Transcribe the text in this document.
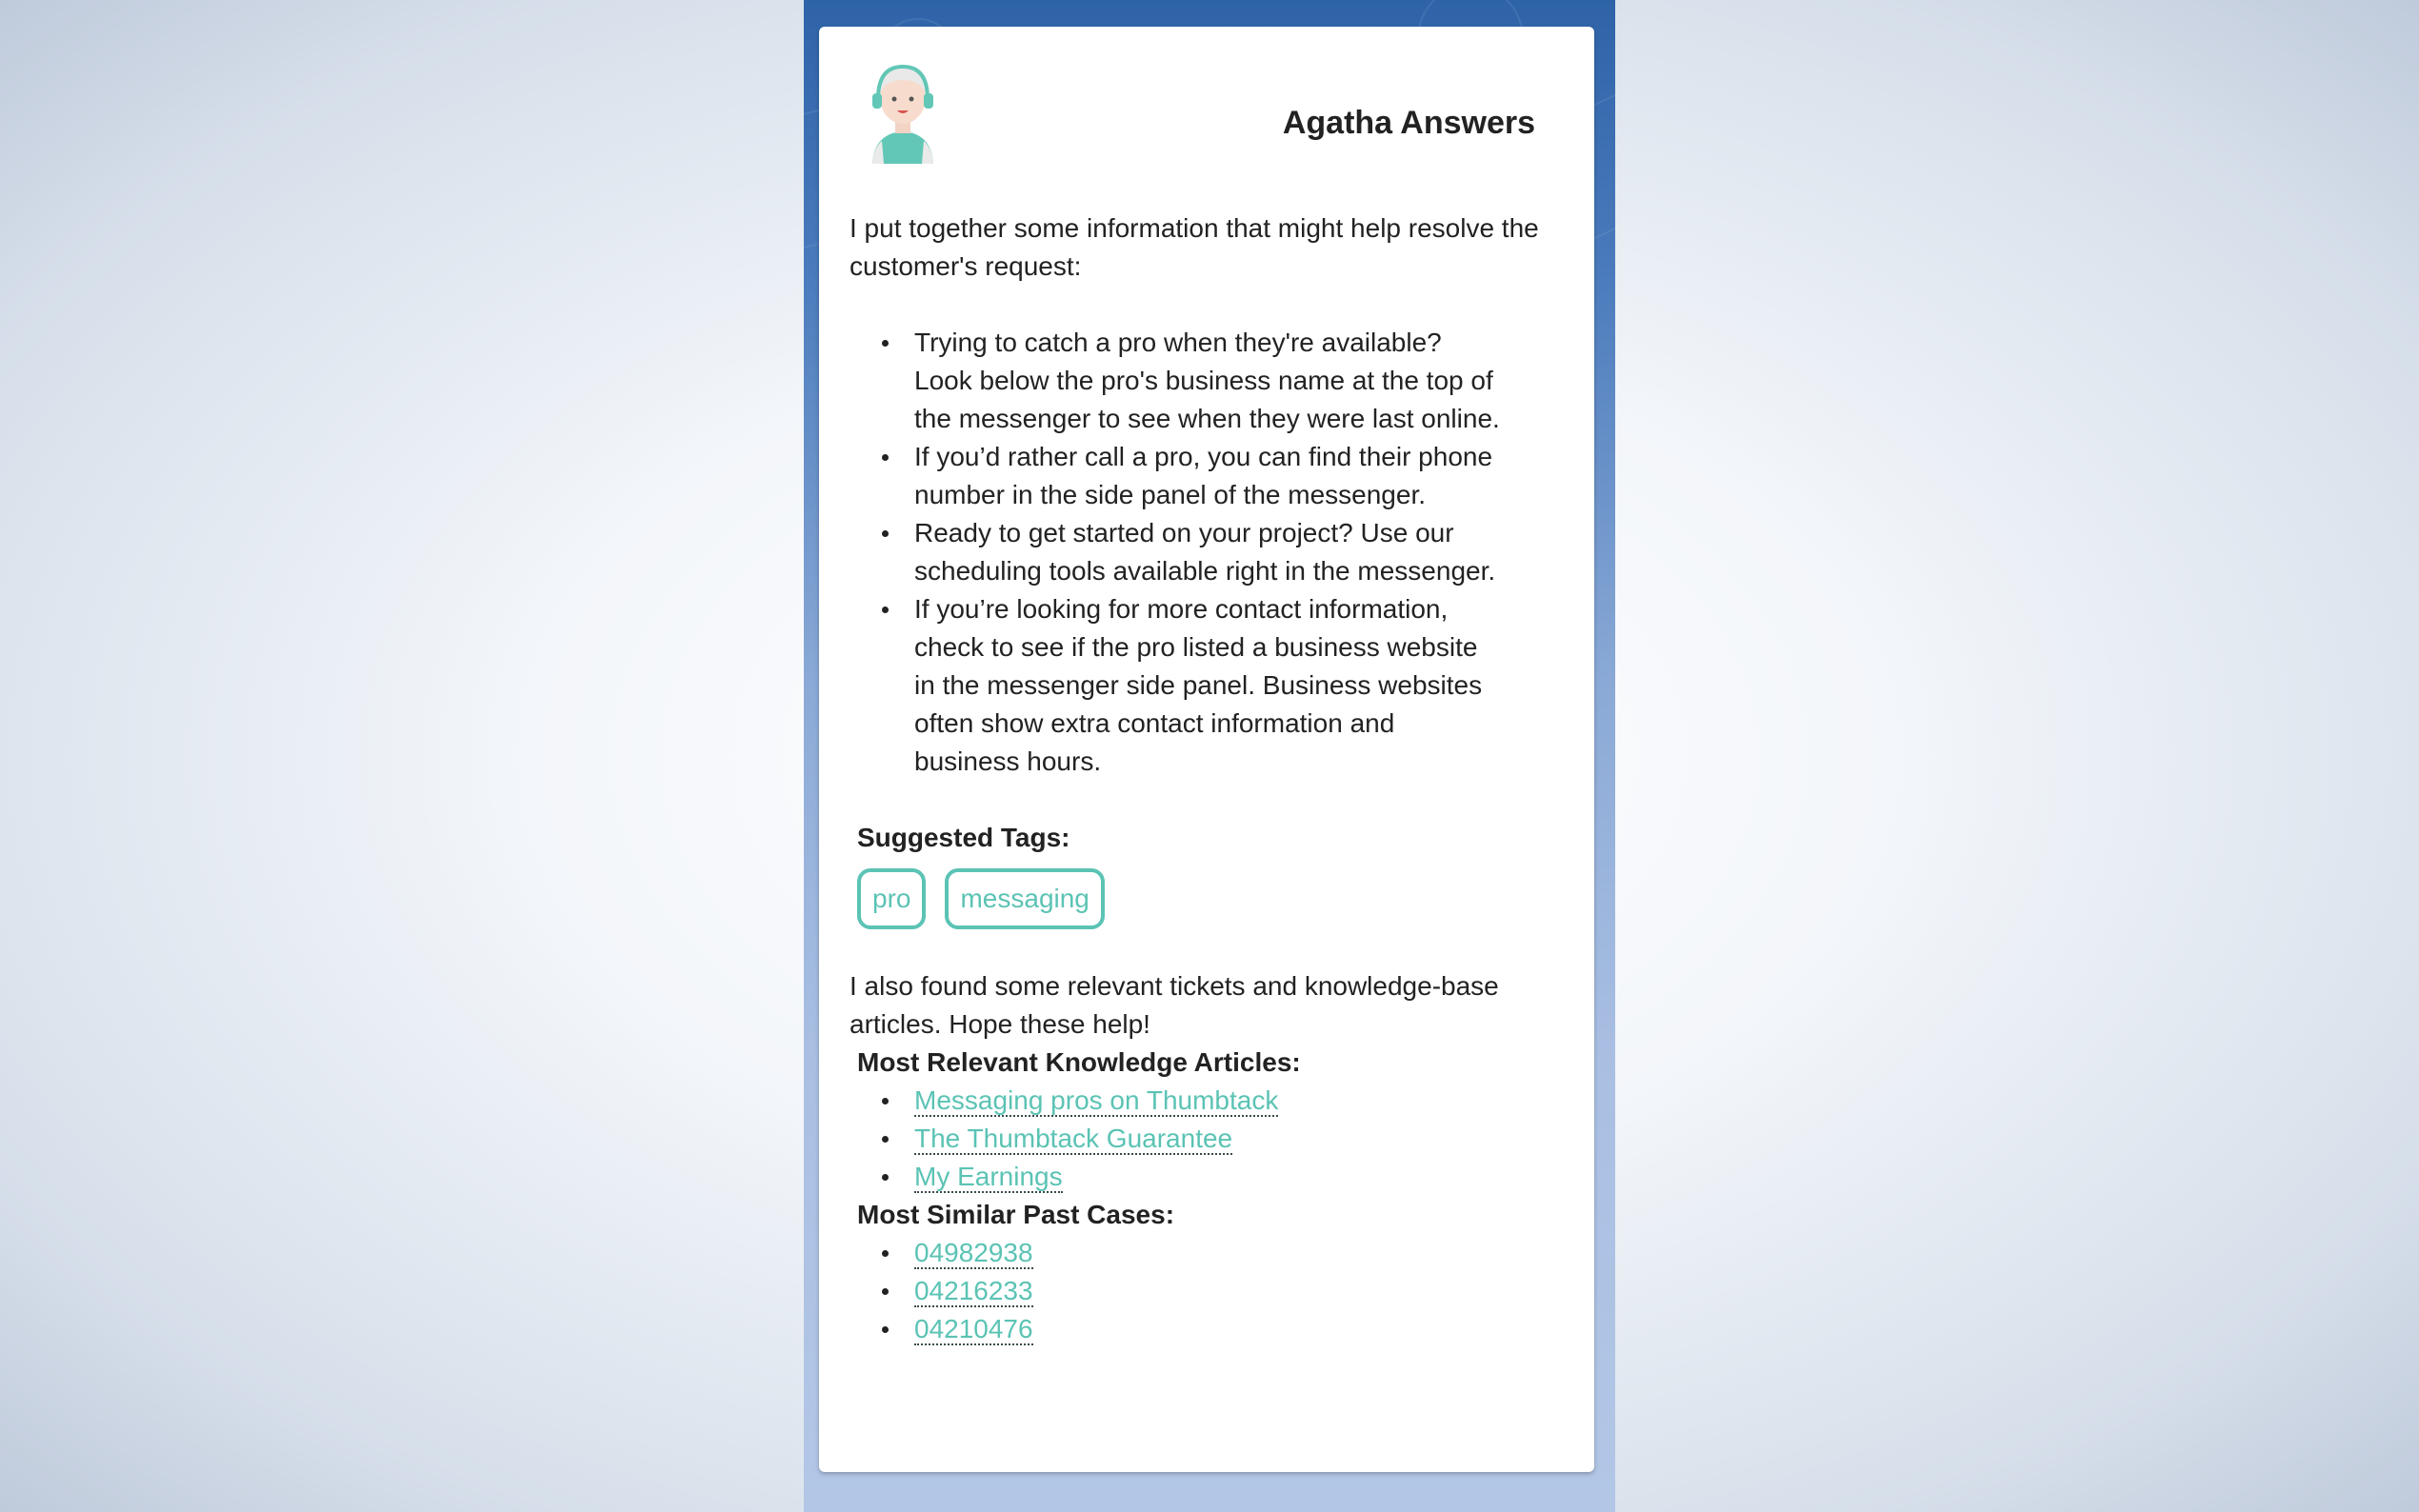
Agatha Answers

I put together some information that might help resolve the customer's request:

Trying to catch a pro when they're available? Look below the pro's business name at the top of the messenger to see when they were last online.
If you’d rather call a pro, you can find their phone number in the side panel of the messenger.
Ready to get started on your project? Use our scheduling tools available right in the messenger.
If you’re looking for more contact information, check to see if the pro listed a business website in the messenger side panel. Business websites often show extra contact information and business hours.
Suggested Tags:
pro	messaging

I also found some relevant tickets and knowledge-base articles. Hope these help!

Most Relevant Knowledge Articles:
Messaging pros on Thumbtack
The Thumbtack Guarantee
My Earnings
Most Similar Past Cases:
04982938
04216233
04210476
